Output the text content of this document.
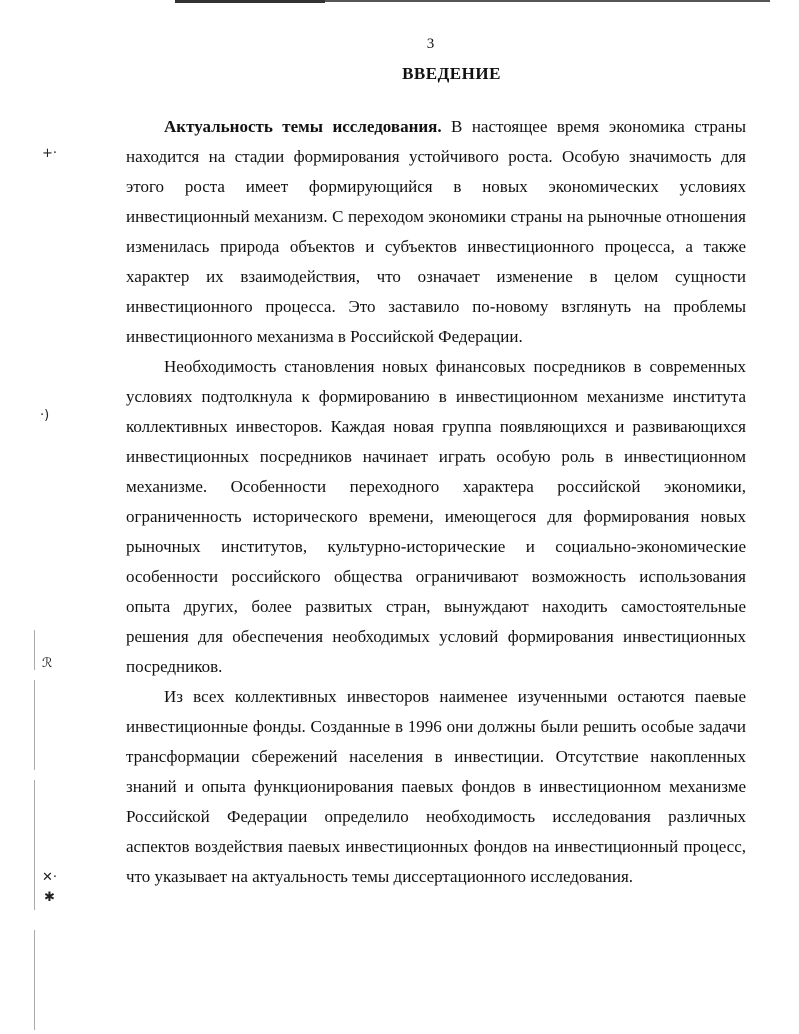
+·
·)
ℛ
✕·
✱
3
ВВЕДЕНИЕ

Актуальность темы исследования. В настоящее время экономика страны находится на стадии формирования устойчивого роста. Особую значимость для этого роста имеет формирующийся в новых экономических условиях инвестиционный механизм. С переходом экономики страны на рыночные отношения изменилась природа объектов и субъектов инвестиционного процесса, а также характер их взаимодействия, что означает изменение в целом сущности инвестиционного процесса. Это заставило по-новому взглянуть на проблемы инвестиционного механизма в Российской Федерации.

Необходимость становления новых финансовых посредников в современных условиях подтолкнула к формированию в инвестиционном механизме института коллективных инвесторов. Каждая новая группа появляющихся и развивающихся инвестиционных посредников начинает играть особую роль в инвестиционном механизме. Особенности переходного характера российской экономики, ограниченность исторического времени, имеющегося для формирования новых рыночных институтов, культурно-исторические и социально-экономические особенности российского общества ограничивают возможность использования опыта других, более развитых стран, вынуждают находить самостоятельные решения для обеспечения необходимых условий формирования инвестиционных посредников.

Из всех коллективных инвесторов наименее изученными остаются паевые инвестиционные фонды. Созданные в 1996 они должны были решить особые задачи трансформации сбережений населения в инвестиции. Отсутствие накопленных знаний и опыта функционирования паевых фондов в инвестиционном механизме Российской Федерации определило необходимость исследования различных аспектов воздействия паевых инвестиционных фондов на инвестиционный процесс, что указывает на актуальность темы диссертационного исследования.
